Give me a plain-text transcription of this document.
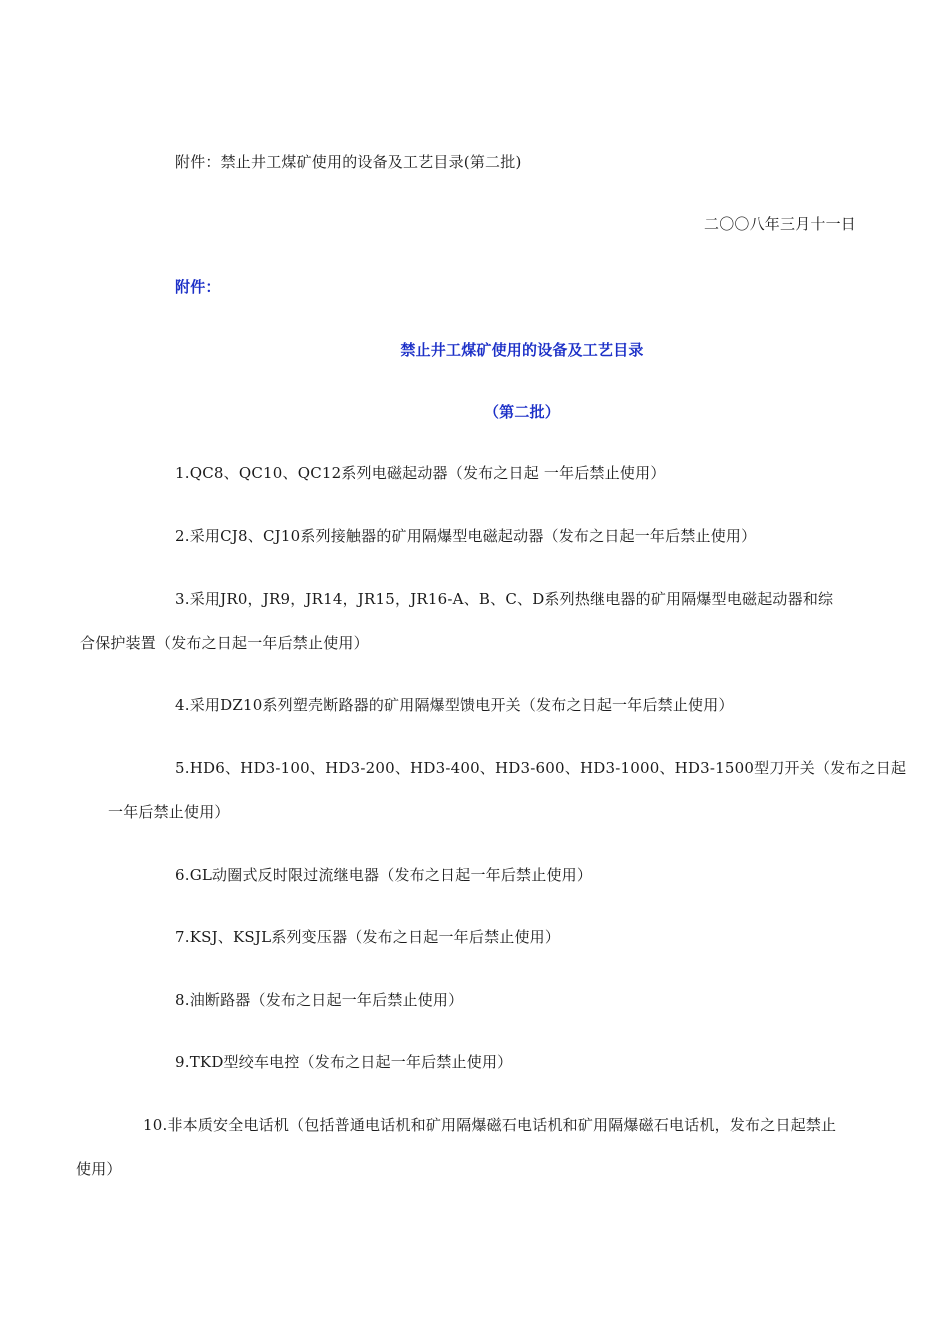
附件：禁止井工煤矿使用的设备及工艺目录(第二批)
二〇〇八年三月十一日
附件：
禁止井工煤矿使用的设备及工艺目录
（第二批）
1.QC8、QC10、QC12系列电磁起动器（发布之日起 一年后禁止使用）
2.采用CJ8、CJ10系列接触器的矿用隔爆型电磁起动器（发布之日起一年后禁止使用）
3.采用JR0，JR9，JR14，JR15，JR16-A、B、C、D系列热继电器的矿用隔爆型电磁起动器和综
合保护装置（发布之日起一年后禁止使用）
4.采用DZ10系列塑壳断路器的矿用隔爆型馈电开关（发布之日起一年后禁止使用）
5.HD6、HD3-100、HD3-200、HD3-400、HD3-600、HD3-1000、HD3-1500型刀开关（发布之日起
一年后禁止使用）
6.GL动圈式反时限过流继电器（发布之日起一年后禁止使用）
7.KSJ、KSJL系列变压器（发布之日起一年后禁止使用）
8.油断路器（发布之日起一年后禁止使用）
9.TKD型绞车电控（发布之日起一年后禁止使用）
10.非本质安全电话机（包括普通电话机和矿用隔爆磁石电话机和矿用隔爆磁石电话机，发布之日起禁止
使用）
